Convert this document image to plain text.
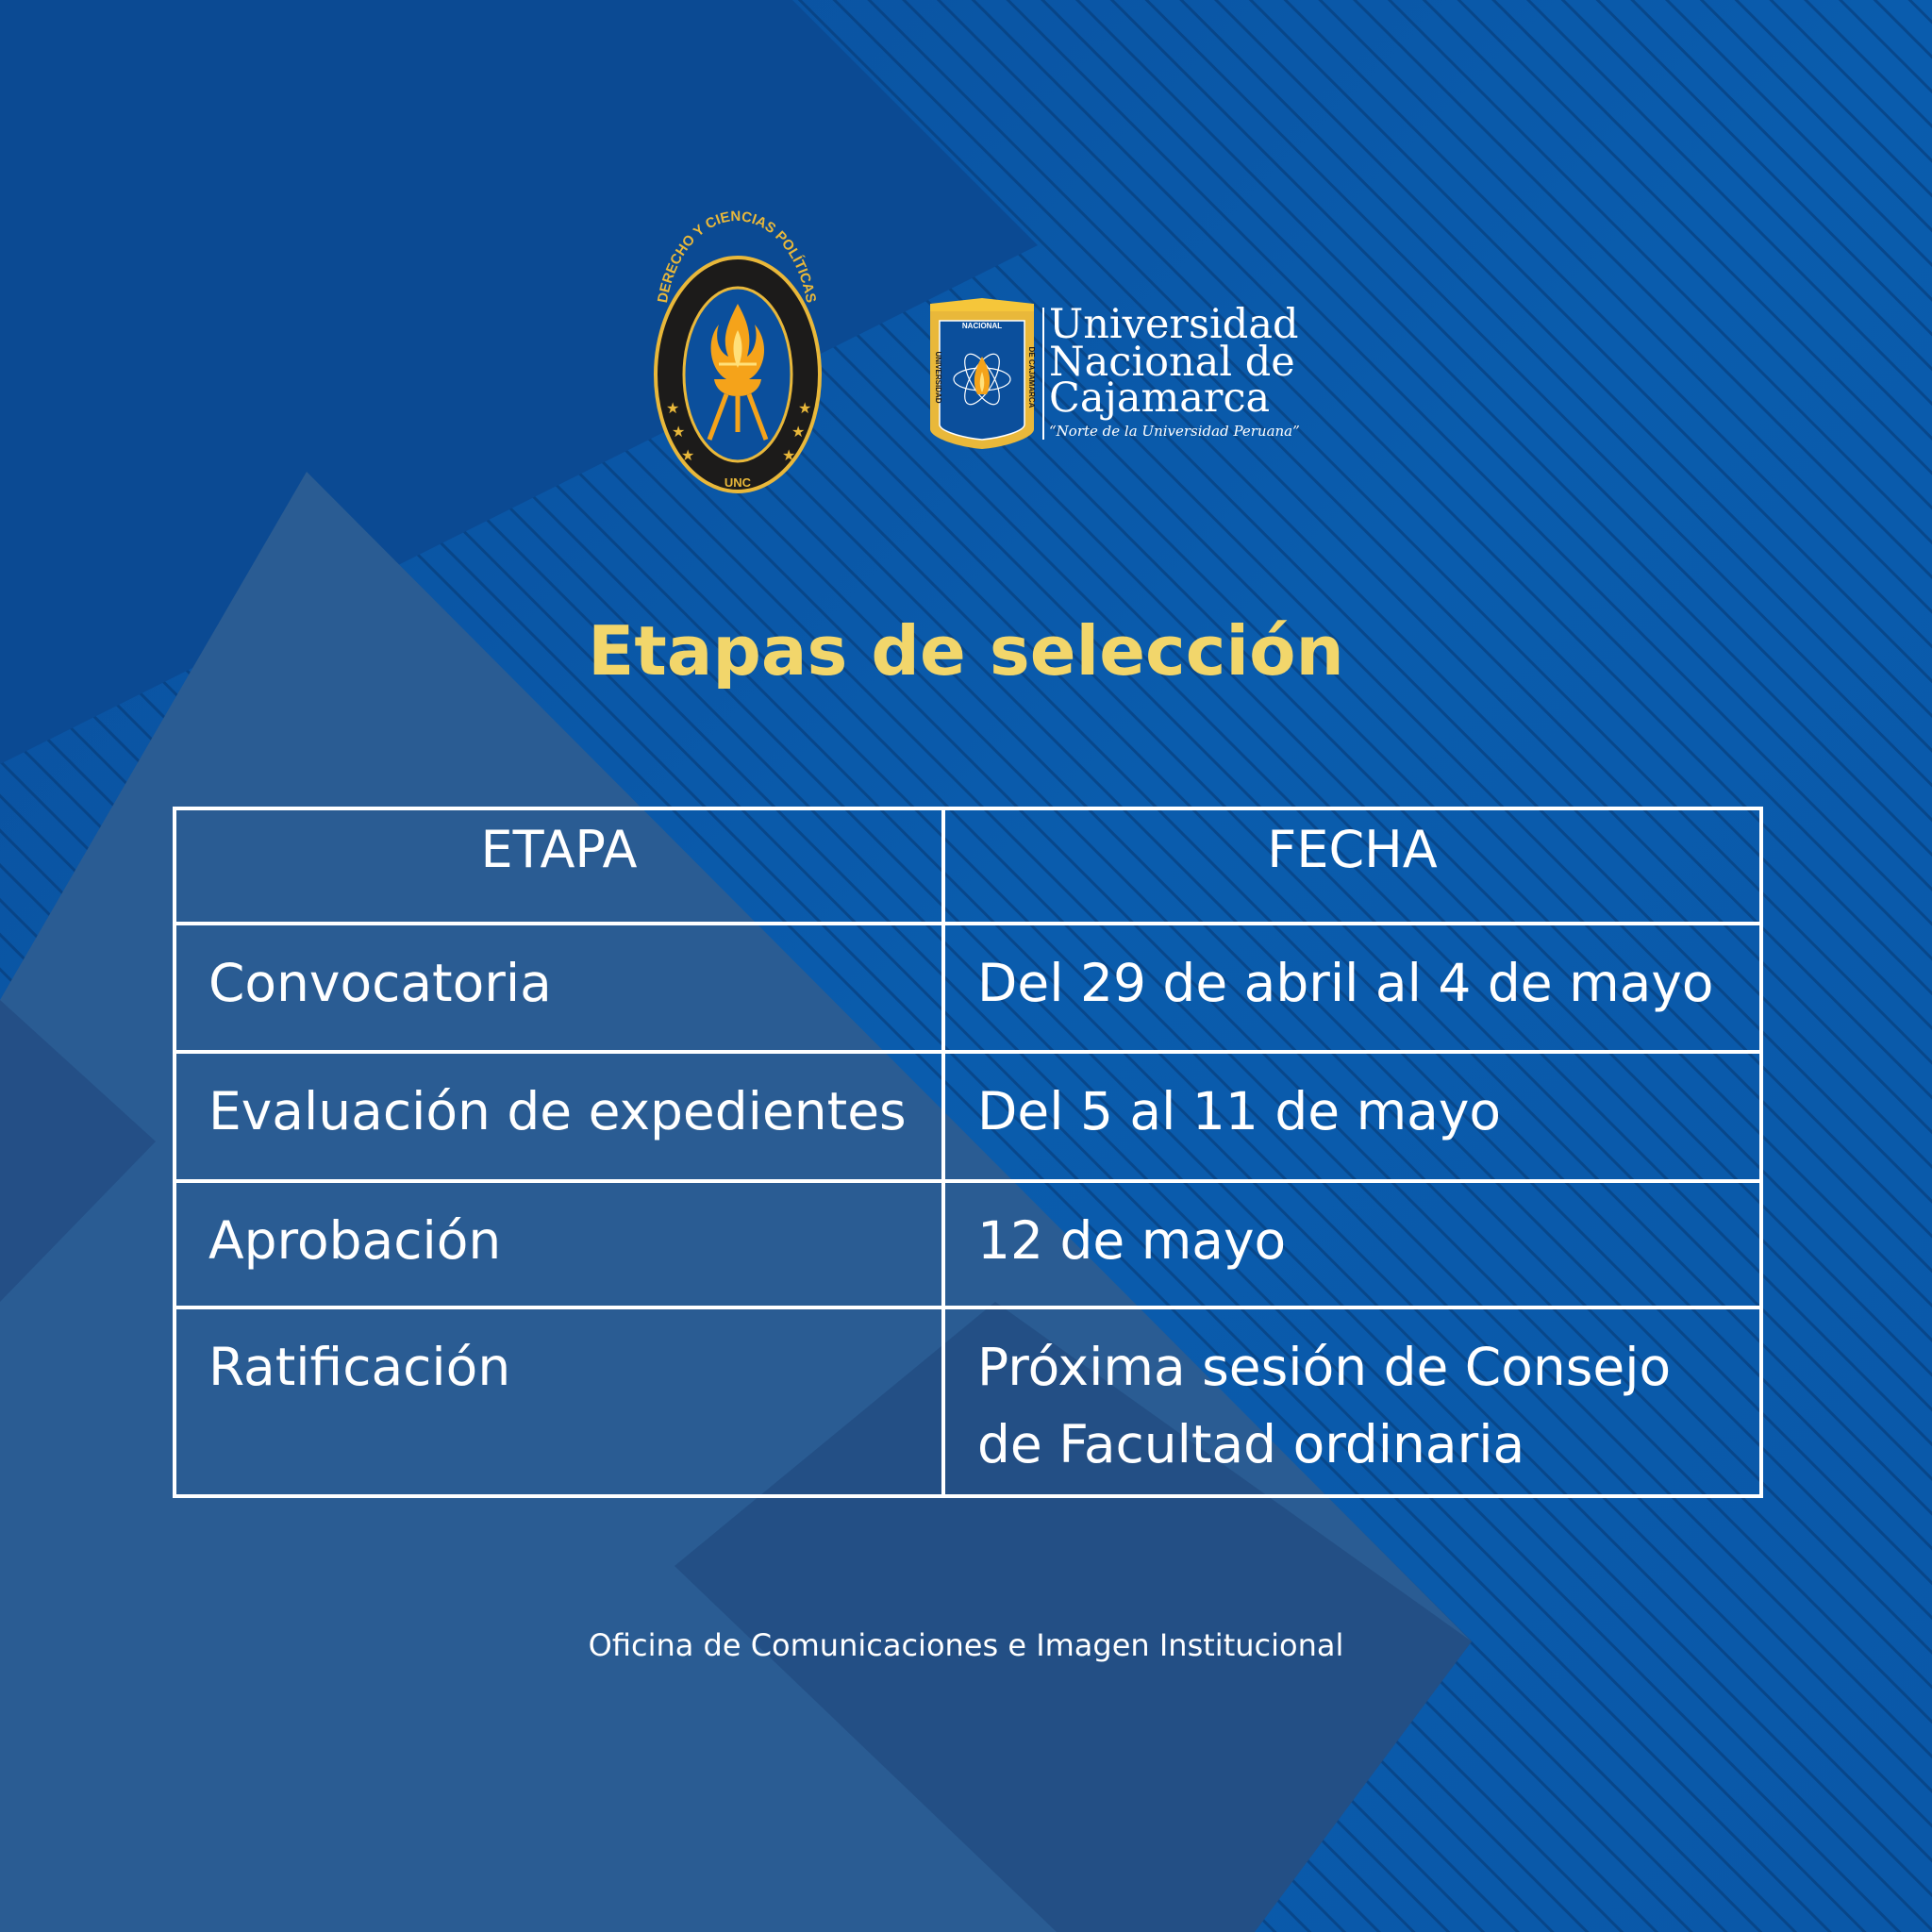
DERECHO Y CIENCIAS POLÍTICAS
UNC
★
★
★
★
★	★
NACIONAL
UNIVERSIDAD	DE CAJAMARCA
Universidad
Nacional de
Cajamarca
“Norte de la Universidad Peruana”
Etapas de selección
ETAPA	FECHA
Convocatoria	Del 29 de abril al 4 de mayo
Evaluación de expedientes	Del 5 al 11 de mayo
Aprobación	12 de mayo
Ratificación	Próxima sesión de Consejo de Facultad ordinaria
Oficina de Comunicaciones e Imagen Institucional
